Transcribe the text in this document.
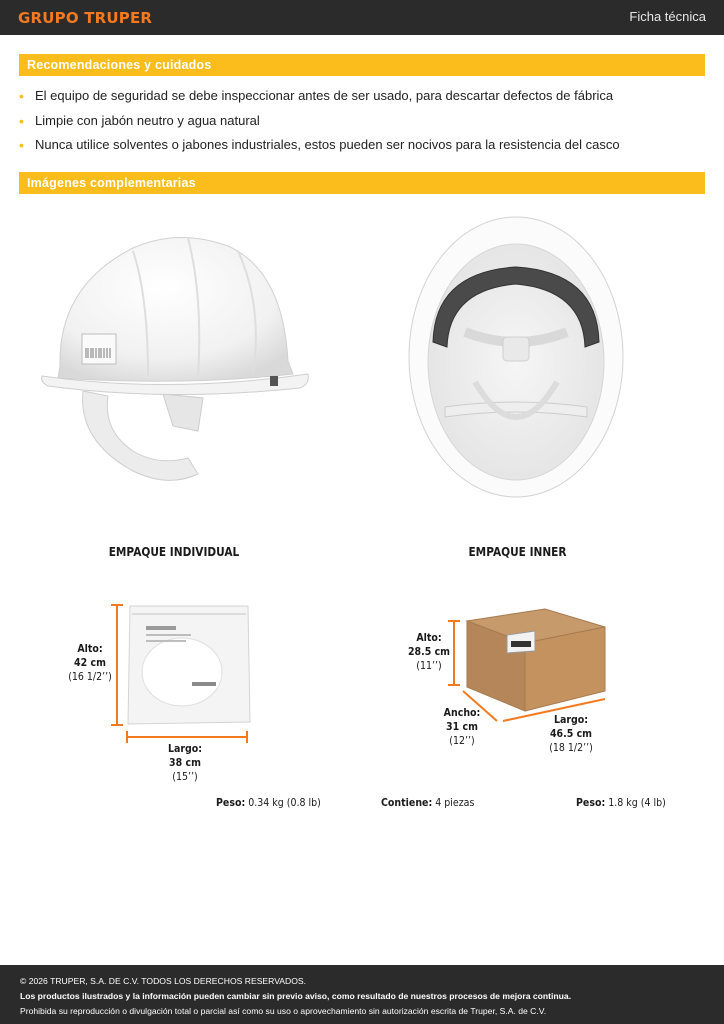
GRUPO TRUPER	Ficha técnica
Recomendaciones y cuidados
• El equipo de seguridad se debe inspeccionar antes de ser usado, para descartar defectos de fábrica
• Limpie con jabón neutro y agua natural
• Nunca utilice solventes o jabones industriales, estos pueden ser nocivos para la resistencia del casco
Imágenes complementarias
EMPAQUE INDIVIDUAL	EMPAQUE INNER
Alto:
42 cm
(16 1/2’’)
Largo:
38 cm
(15’’)
Alto:
28.5 cm
(11’’)
Ancho:
31 cm
(12’’)
Largo:
46.5 cm
(18 1/2’’)
Peso: 0.34 kg (0.8 lb)	Contiene: 4 piezas	Peso: 1.8 kg (4 lb)
© 2026 TRUPER, S.A. DE C.V. TODOS LOS DERECHOS RESERVADOS.
Los productos ilustrados y la información pueden cambiar sin previo aviso, como resultado de nuestros procesos de mejora continua.
Prohibida su reproducción o divulgación total o parcial así como su uso o aprovechamiento sin autorización escrita de Truper, S.A. de C.V.
